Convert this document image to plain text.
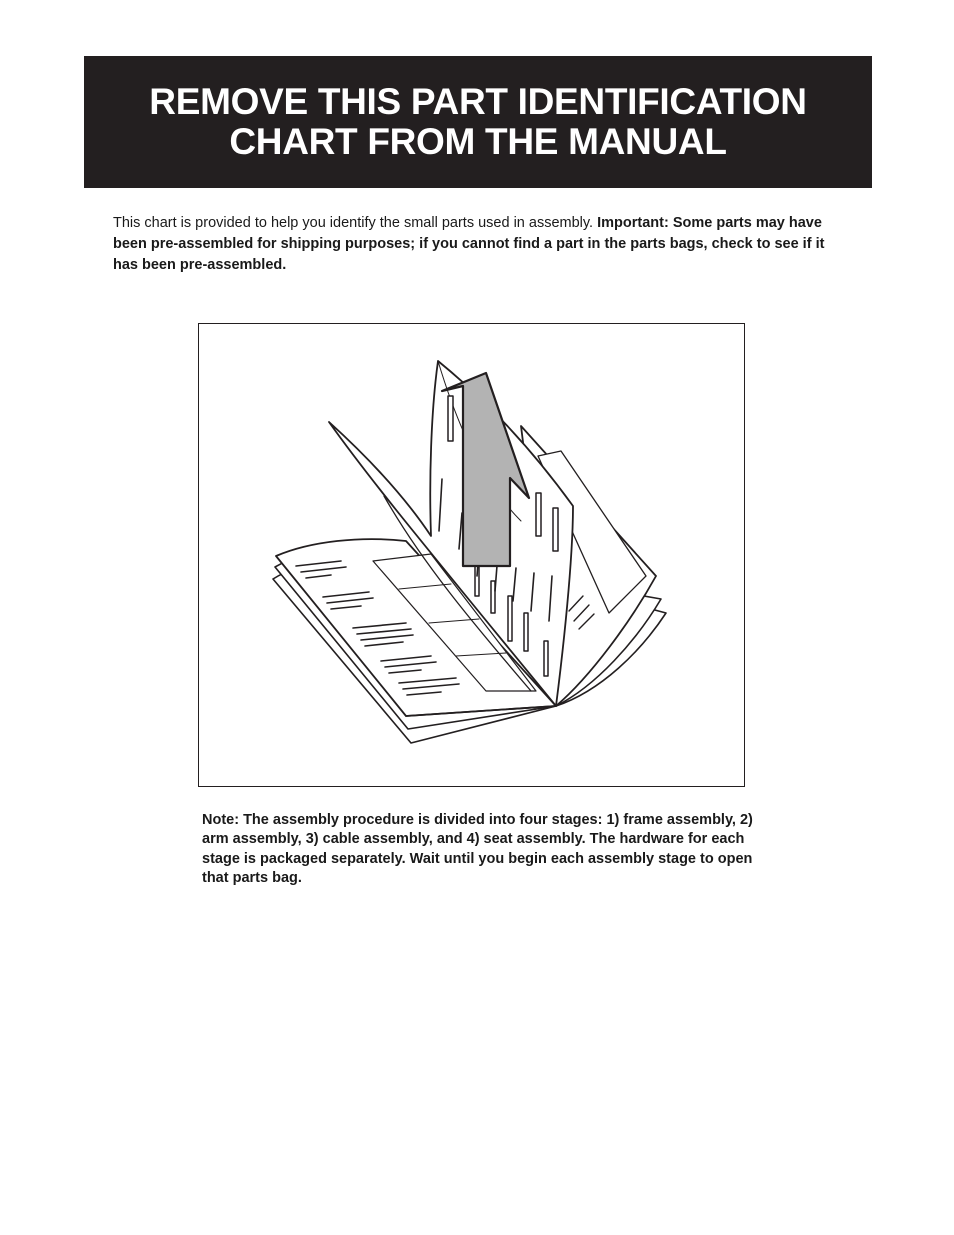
REMOVE THIS PART IDENTIFICATION
CHART FROM THE MANUAL

This chart is provided to help you identify the small parts used in assembly. Important: Some parts may have been pre-assembled for shipping purposes; if you cannot find a part in the parts bags, check to see if it has been pre-assembled.

Note: The assembly procedure is divided into four stages: 1) frame assembly, 2) arm assembly, 3) cable assembly, and 4) seat assembly. The hardware for each stage is packaged separately. Wait until you begin each assembly stage to open that parts bag.
